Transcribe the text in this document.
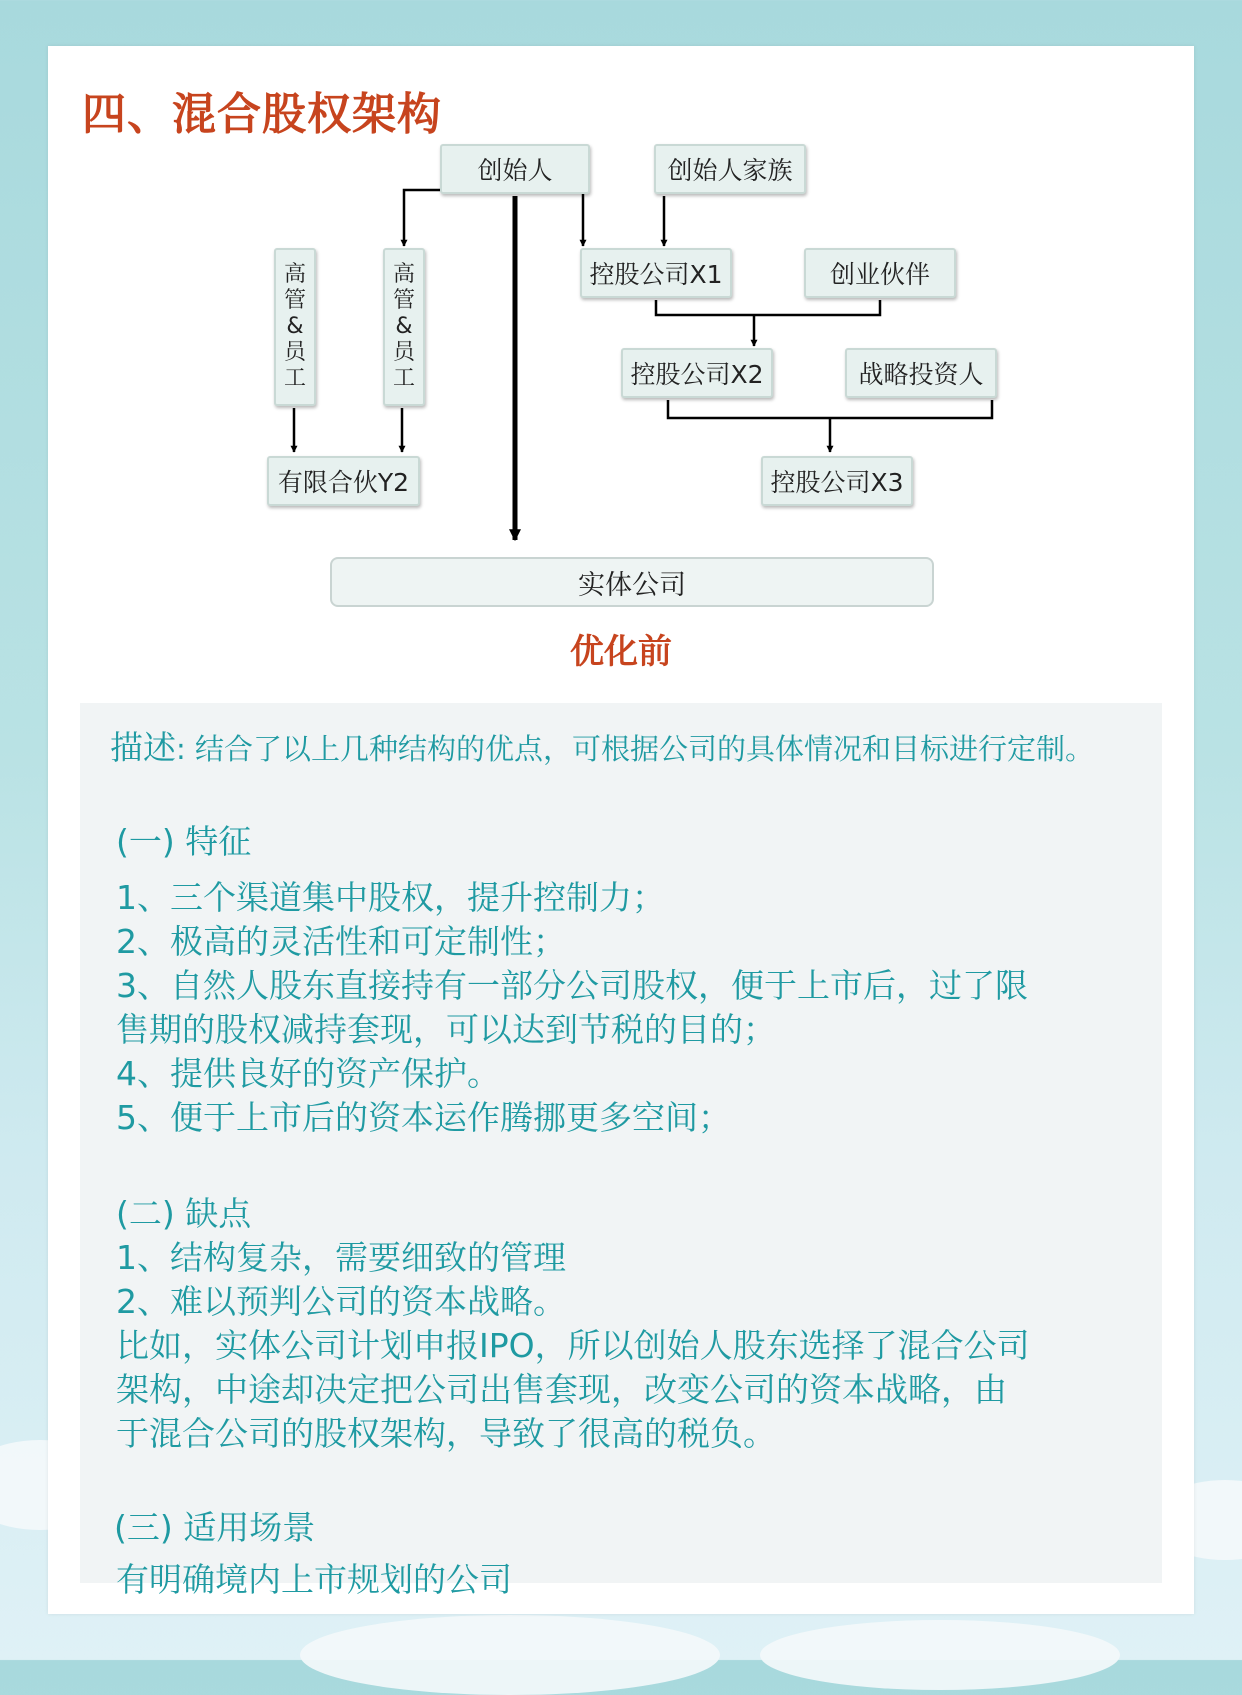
四、混合股权架构
创始人	创始人家族
高
管
&
员
工
高
管
&
员
工
控股公司X1	创业伙伴
控股公司X2	战略投资人
有限合伙Y2	控股公司X3
实体公司
优化前
描述: 结合了以上几种结构的优点，可根据公司的具体情况和目标进行定制。
(一) 特征
1、三个渠道集中股权，提升控制力；
2、极高的灵活性和可定制性；
3、自然人股东直接持有一部分公司股权，便于上市后，过了限
售期的股权减持套现，可以达到节税的目的；
4、提供良好的资产保护。
5、便于上市后的资本运作腾挪更多空间；
(二) 缺点
1、结构复杂，需要细致的管理
2、难以预判公司的资本战略。
比如，实体公司计划申报IPO，所以创始人股东选择了混合公司
架构，中途却决定把公司出售套现，改变公司的资本战略，由
于混合公司的股权架构，导致了很高的税负。
(三) 适用场景
有明确境内上市规划的公司
